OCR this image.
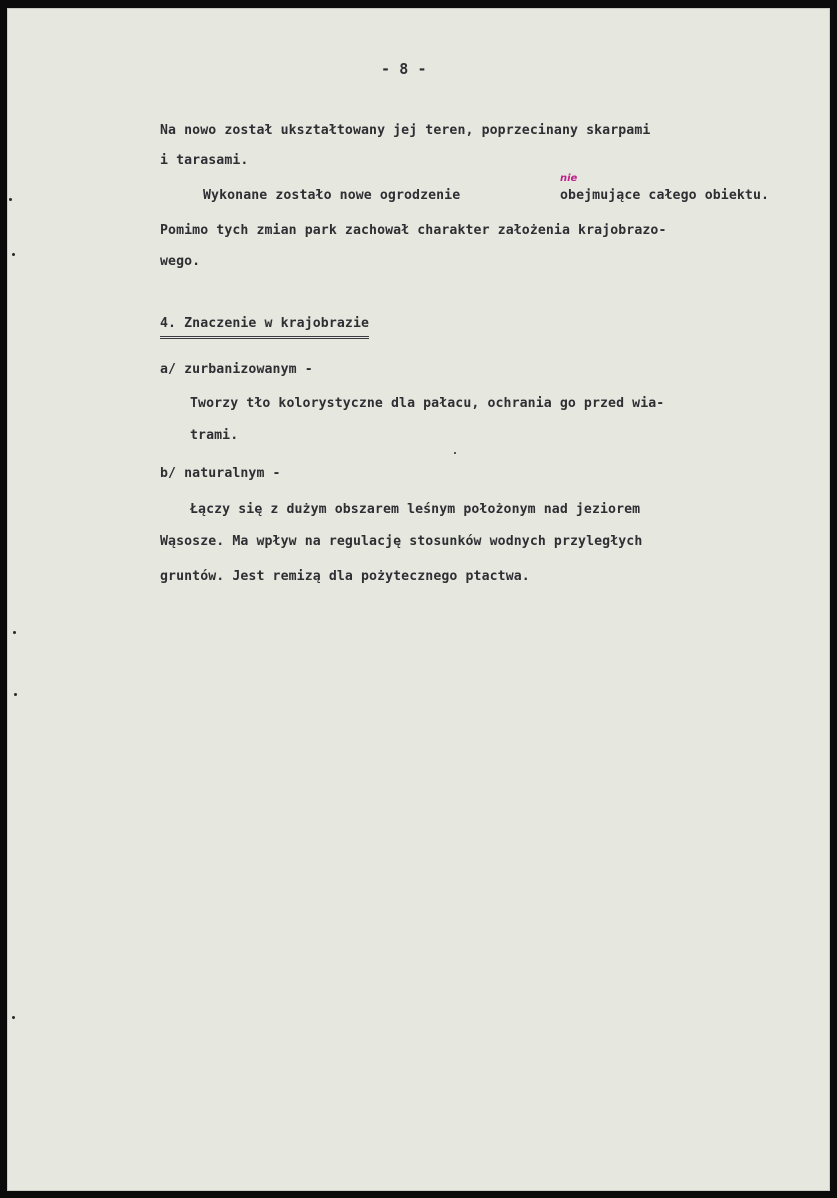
- 8 -

Na nowo został ukształtowany jej teren, poprzecinany skarpami

i tarasami.

Wykonane zostało nowe ogrodzenie

nie

obejmujące całego obiektu.

Pomimo tych zmian park zachował charakter założenia krajobrazo-

wego.

4. Znaczenie w krajobrazie

a/ zurbanizowanym -

Tworzy tło kolorystyczne dla pałacu, ochrania go przed wia-

trami.

b/ naturalnym -

Łączy się z dużym obszarem leśnym położonym nad jeziorem

Wąsosze. Ma wpływ na regulację stosunków wodnych przyległych

gruntów. Jest remizą dla pożytecznego ptactwa.
